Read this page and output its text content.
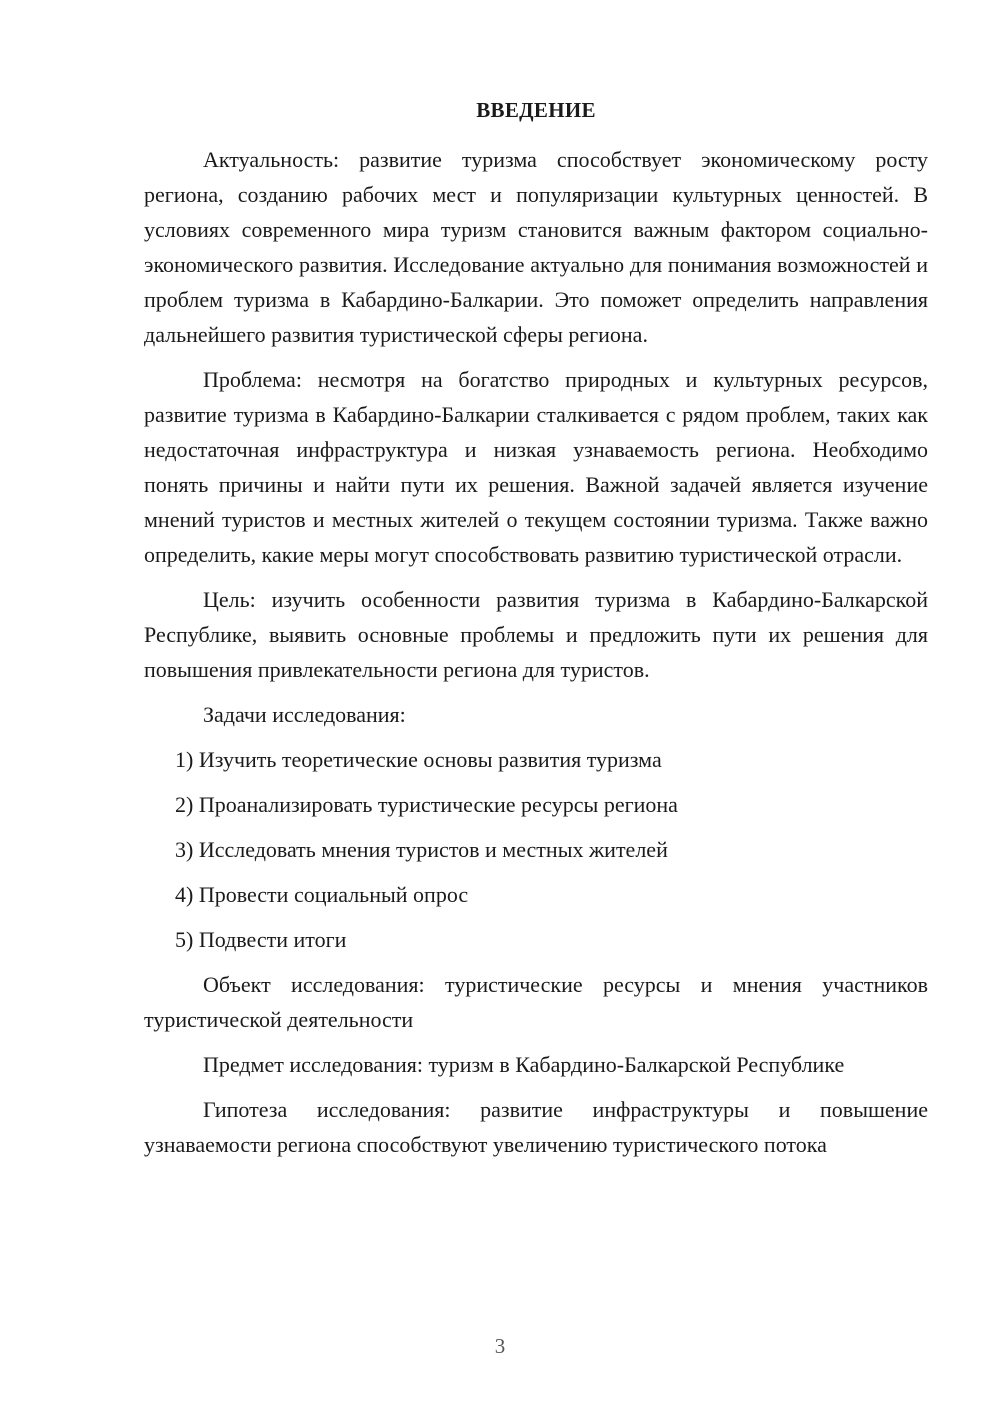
ВВЕДЕНИЕ

Актуальность: развитие туризма способствует экономическому росту региона, созданию рабочих мест и популяризации культурных ценностей. В условиях современного мира туризм становится важным фактором социально-экономического развития. Исследование актуально для понимания возможностей и проблем туризма в Кабардино-Балкарии. Это поможет определить направления дальнейшего развития туристической сферы региона.

Проблема: несмотря на богатство природных и культурных ресурсов, развитие туризма в Кабардино-Балкарии сталкивается с рядом проблем, таких как недостаточная инфраструктура и низкая узнаваемость региона. Необходимо понять причины и найти пути их решения. Важной задачей является изучение мнений туристов и местных жителей о текущем состоянии туризма. Также важно определить, какие меры могут способствовать развитию туристической отрасли.

Цель: изучить особенности развития туризма в Кабардино-Балкарской Республике, выявить основные проблемы и предложить пути их решения для повышения привлекательности региона для туристов.

Задачи исследования:

1) Изучить теоретические основы развития туризма
2) Проанализировать туристические ресурсы региона
3) Исследовать мнения туристов и местных жителей
4) Провести социальный опрос
5) Подвести итоги

Объект исследования: туристические ресурсы и мнения участников туристической деятельности

Предмет исследования: туризм в Кабардино-Балкарской Республике

Гипотеза исследования: развитие инфраструктуры и повышение узнаваемости региона способствуют увеличению туристического потока

3
